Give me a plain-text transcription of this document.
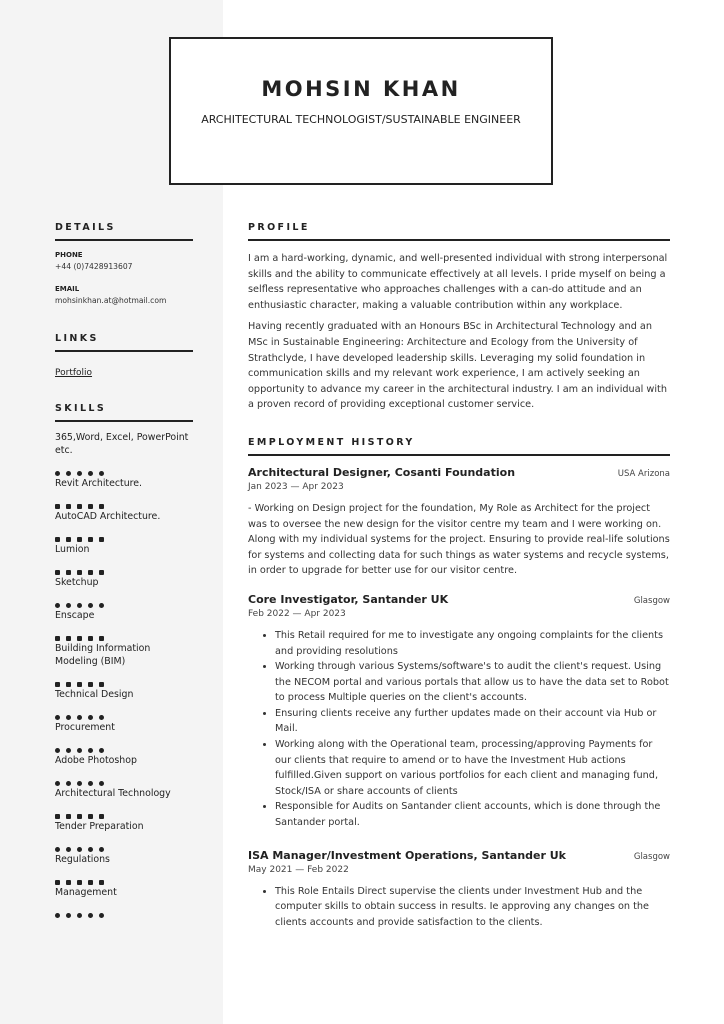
MOHSIN KHAN
ARCHITECTURAL TECHNOLOGIST/SUSTAINABLE ENGINEER
DETAILS
PHONE
+44 (0)7428913607
EMAIL
mohsinkhan.at@hotmail.com
LINKS
Portfolio
SKILLS
365,Word, Excel, PowerPoint etc.
Revit Architecture.
AutoCAD Architecture.
Lumion
Sketchup
Enscape
Building Information Modeling (BIM)
Technical Design
Procurement
Adobe Photoshop
Architectural Technology
Tender Preparation
Regulations
Management
PROFILE

I am a hard-working, dynamic, and well-presented individual with strong interpersonal skills and the ability to communicate effectively at all levels. I pride myself on being a selfless representative who approaches challenges with a can-do attitude and an enthusiastic character, making a valuable contribution within any workplace.

Having recently graduated with an Honours BSc in Architectural Technology and an MSc in Sustainable Engineering: Architecture and Ecology from the University of Strathclyde, I have developed leadership skills. Leveraging my solid foundation in communication skills and my relevant work experience, I am actively seeking an opportunity to advance my career in the architectural industry. I am an individual with a proven record of providing exceptional customer service.

EMPLOYMENT HISTORY
Architectural Designer, Cosanti Foundation	USA Arizona
Jan 2023 — Apr 2023
- Working on Design project for the foundation, My Role as Architect for the project was to oversee the new design for the visitor centre my team and I were working on. Along with my individual systems for the project. Ensuring to provide real-life solutions for systems and collecting data for such things as water systems and recycle systems, in order to upgrade for better use for our visitor centre.
Core Investigator, Santander UK	Glasgow
Feb 2022 — Apr 2023
• This Retail required for me to investigate any ongoing complaints for the clients and providing resolutions
• Working through various Systems/software's to audit the client's request. Using the NECOM portal and various portals that allow us to have the data set to Robot to process Multiple queries on the client's accounts.
• Ensuring clients receive any further updates made on their account via Hub or Mail.
• Working along with the Operational team, processing/approving Payments for our clients that require to amend or to have the Investment Hub actions fulfilled.Given support on various portfolios for each client and managing fund, Stock/ISA or share accounts of clients
• Responsible for Audits on Santander client accounts, which is done through the Santander portal.
ISA Manager/Investment Operations, Santander Uk	Glasgow
May 2021 — Feb 2022
• This Role Entails Direct supervise the clients under Investment Hub and the computer skills to obtain success in results. Ie approving any changes on the clients accounts and provide satisfaction to the clients.
